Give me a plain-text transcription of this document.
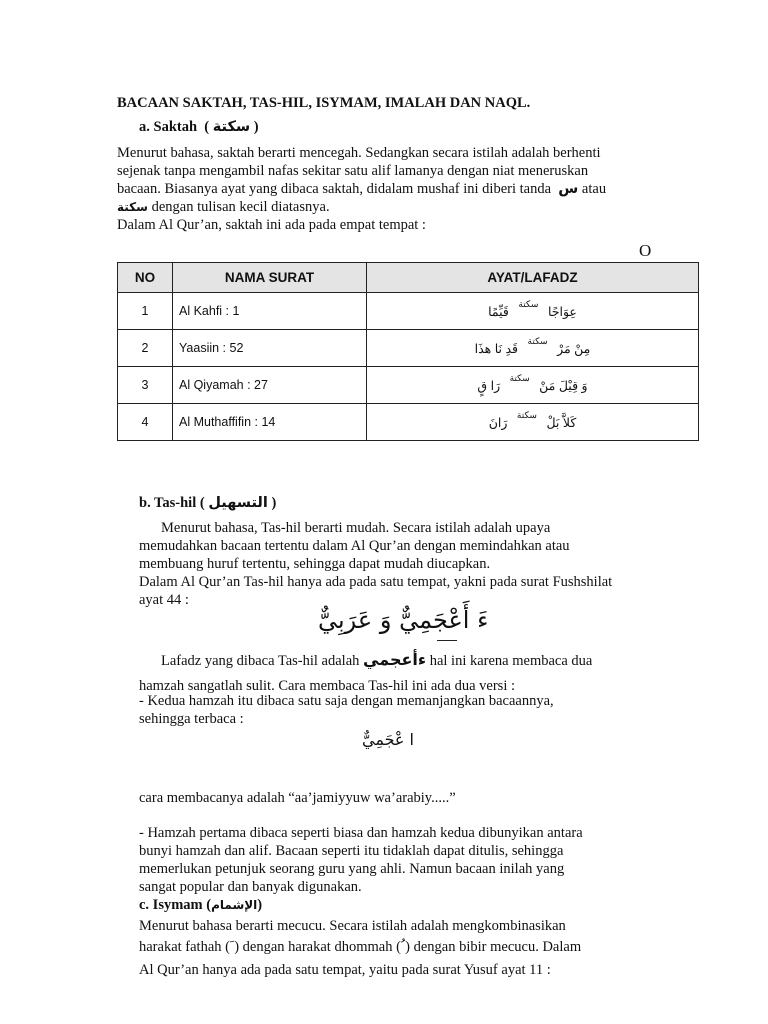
BACAAN SAKTAH, TAS-HIL, ISYMAM, IMALAH DAN NAQL.
a. Saktah  ( سكتة )
Menurut bahasa, saktah berarti mencegah. Sedangkan secara istilah adalah berhenti
sejenak tanpa mengambil nafas sekitar satu alif lamanya dengan niat meneruskan
bacaan. Biasanya ayat yang dibaca saktah, didalam mushaf ini diberi tanda س atau
سكتة dengan tulisan kecil diatasnya.
Dalam Al Qur’an, saktah ini ada pada empat tempat :
O
NO	NAMA SURAT	AYAT/LAFADZ
1	Al Kahfi : 1	عِوَاجًا $^{سكتة}$ قَيِّمًا
2	Yaasiin : 52	مِنْ مَرْ $^{سكتة}$ قَدِ نَا هذَا
3	Al Qiyamah : 27	وَ قِيْلَ مَنْ $^{سكتة}$ رَا قٍ
4	Al Muthaffifin : 14	كَلاَّ بَلْ $^{سكتة}$ رَانَ
b. Tas-hil ( التسهيل )
Menurut bahasa, Tas-hil berarti mudah. Secara istilah adalah upaya
memudahkan bacaan tertentu dalam Al Qur’an dengan memindahkan atau
membuang huruf tertentu, sehingga dapat mudah diucapkan.
Dalam Al Qur’an Tas-hil hanya ada pada satu tempat, yakni pada surat Fushshilat
ayat 44 :
ءَ أَعْجَمِيٌّ وَ عَرَبِيٌّ
Lafadz yang dibaca Tas-hil adalah ءأعجمي hal ini karena membaca dua
hamzah sangatlah sulit. Cara membaca Tas-hil ini ada dua versi :
- Kedua hamzah itu dibaca satu saja dengan memanjangkan bacaannya,
sehingga terbaca :
ا عْجَمِيٌّ
cara membacanya adalah “aa’jamiyyuw wa’arabiy.....”
- Hamzah pertama dibaca seperti biasa dan hamzah kedua dibunyikan antara
bunyi hamzah dan alif. Bacaan seperti itu tidaklah dapat ditulis, sehingga
memerlukan petunjuk seorang guru yang ahli. Namun bacaan inilah yang
sangat popular dan banyak digunakan.
c. Isymam (الإشمام)
Menurut bahasa berarti mecucu. Secara istilah adalah mengkombinasikan
harakat fathah ( َ) dengan harakat dhommah ( ُ) dengan bibir mecucu. Dalam
Al Qur’an hanya ada pada satu tempat, yaitu pada surat Yusuf ayat 11 :
